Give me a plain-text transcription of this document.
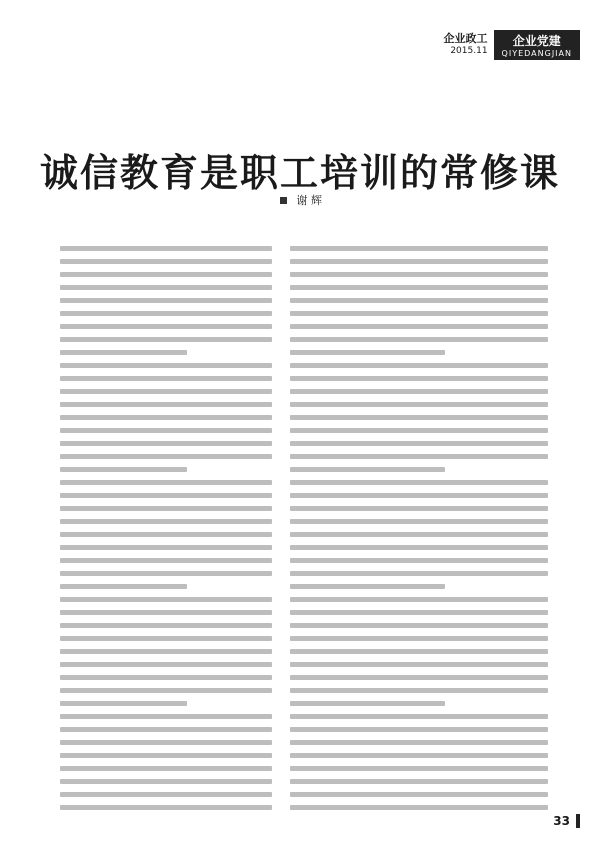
企业政工
2015.11
企业党建
QIYEDANGJIAN
诚信教育是职工培训的常修课
谢 辉
33
